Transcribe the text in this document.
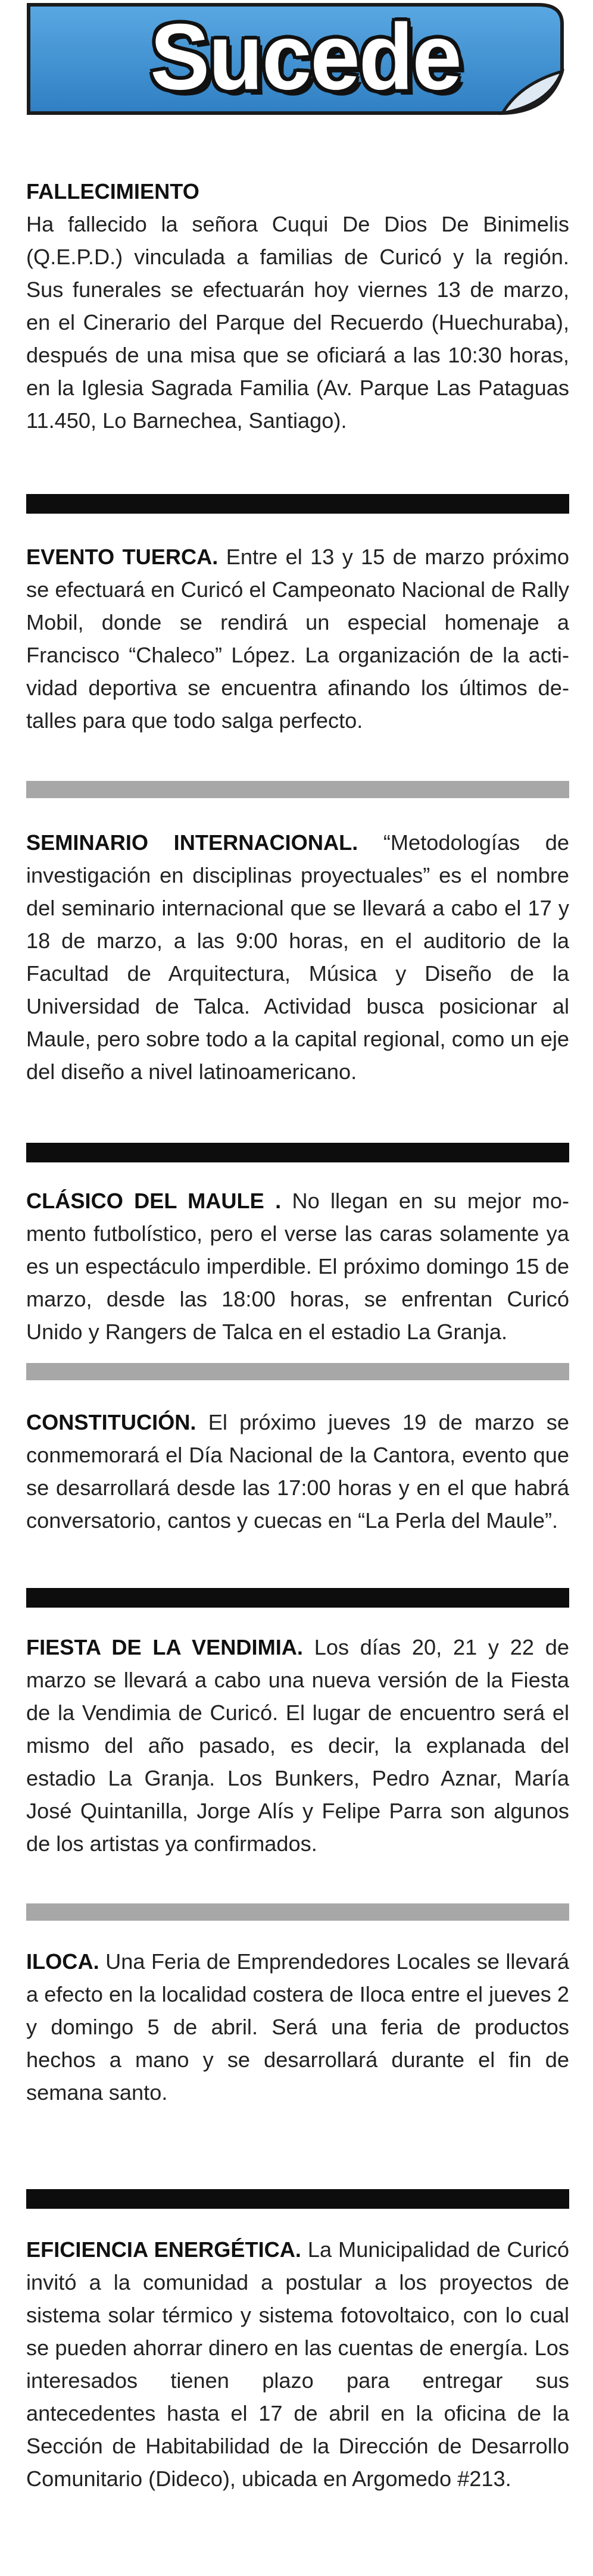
Sucede
FALLECIMIENTO
Ha fallecido la señora Cuqui De Dios De Binimelis (Q.E.P.D.) vinculada a familias de Curicó y la región. Sus funerales se efectuarán hoy viernes 13 de marzo, en el Cinerario del Parque del Recuerdo (Huechuraba), después de una misa que se oficiará a las 10:30 horas, en la Iglesia Sagrada Familia (Av. Parque Las Pataguas 11.450, Lo Barnechea, Santiago).
EVENTO TUERCA. Entre el 13 y 15 de marzo próximo se efectuará en Curicó el Campeonato Nacional de Rally Mobil, donde se rendirá un especial homenaje a Francisco “Chaleco” López. La organización de la actividad deportiva se encuentra afinando los últimos detalles para que todo salga perfecto.
SEMINARIO INTERNACIONAL. “Metodologías de investigación en disciplinas proyectuales” es el nombre del seminario internacional que se llevará a cabo el 17 y 18 de marzo, a las 9:00 horas, en el auditorio de la Facultad de Arquitectura, Música y Diseño de la Universidad de Talca. Actividad busca posicionar al Maule, pero sobre todo a la capital regional, como un eje del diseño a nivel latinoamericano.
CLÁSICO DEL MAULE . No llegan en su mejor momento futbolístico, pero el verse las caras solamente ya es un espectáculo imperdible. El próximo domingo 15 de marzo, desde las 18:00 horas, se enfrentan Curicó Unido y Rangers de Talca en el estadio La Granja.
CONSTITUCIÓN. El próximo jueves 19 de marzo se conmemorará el Día Nacional de la Cantora, evento que se desarrollará desde las 17:00 horas y en el que habrá conversatorio, cantos y cuecas en “La Perla del Maule”.
FIESTA DE LA VENDIMIA. Los días 20, 21 y 22 de marzo se llevará a cabo una nueva versión de la Fiesta de la Vendimia de Curicó. El lugar de encuentro será el mismo del año pasado, es decir, la explanada del estadio La Granja. Los Bunkers, Pedro Aznar, María José Quintanilla, Jorge Alís y Felipe Parra son algunos de los artistas ya confirmados.
ILOCA. Una Feria de Emprendedores Locales se llevará a efecto en la localidad costera de Iloca entre el jueves 2 y domingo 5 de abril. Será una feria de productos hechos a mano y se desarrollará durante el fin de semana santo.
EFICIENCIA ENERGÉTICA. La Municipalidad de Curicó invitó a la comunidad a postular a los proyectos de sistema solar térmico y sistema fotovoltaico, con lo cual se pueden ahorrar dinero en las cuentas de energía. Los interesados tienen plazo para entregar sus antecedentes hasta el 17 de abril en la oficina de la Sección de Habitabilidad de la Dirección de Desarrollo Comunitario (Dideco), ubicada en Argomedo #213.
